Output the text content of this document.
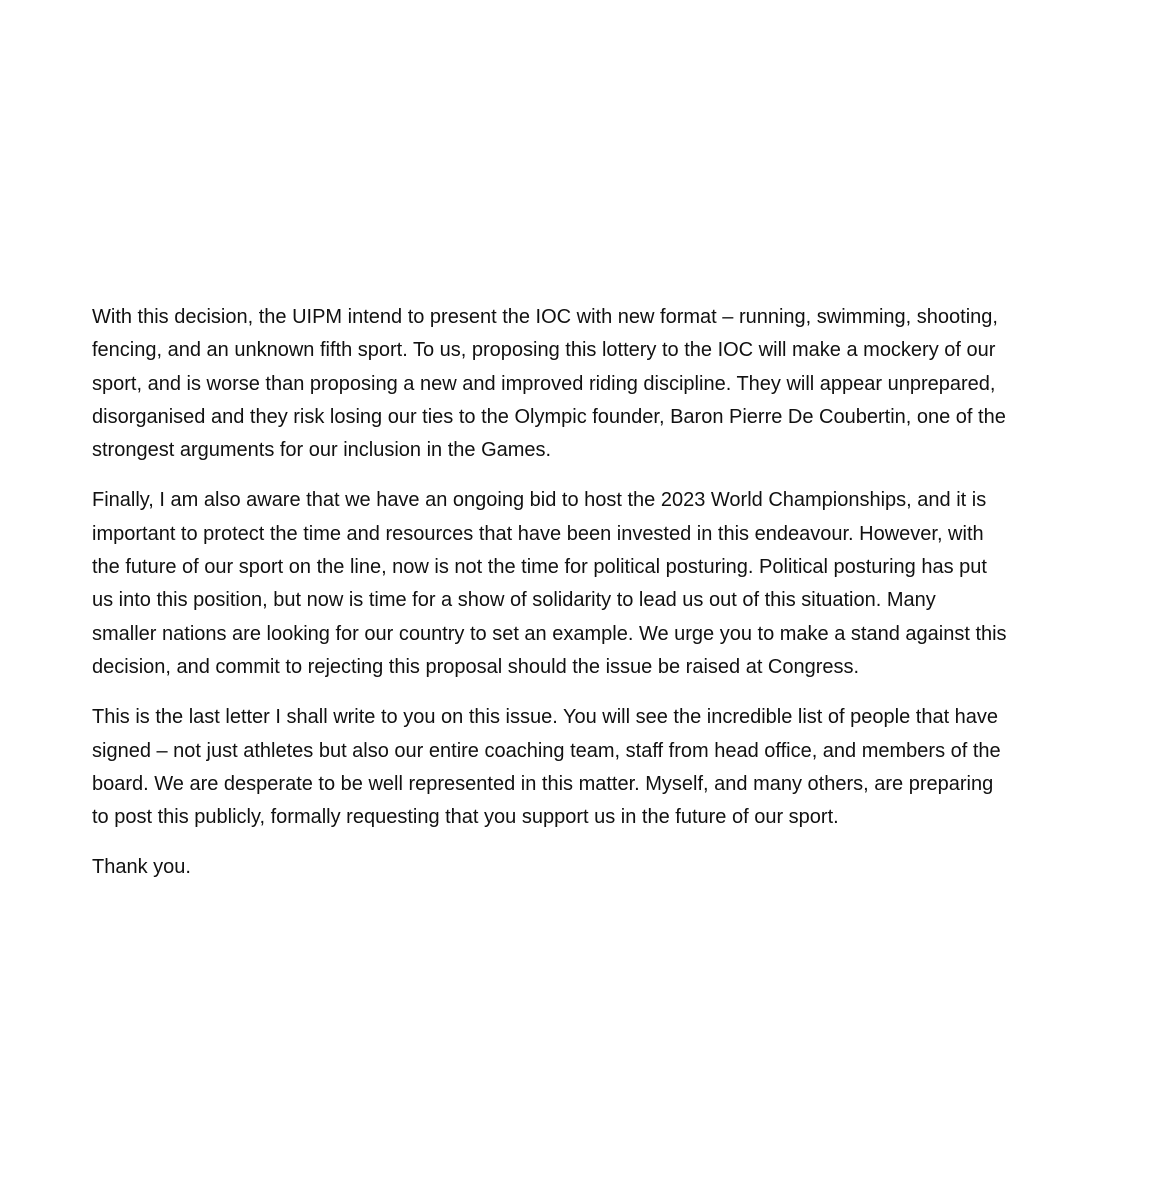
With this decision, the UIPM intend to present the IOC with new format – running, swimming, shooting,
fencing, and an unknown fifth sport. To us, proposing this lottery to the IOC will make a mockery of our
sport, and is worse than proposing a new and improved riding discipline. They will appear unprepared,
disorganised and they risk losing our ties to the Olympic founder, Baron Pierre De Coubertin, one of the
strongest arguments for our inclusion in the Games.

Finally, I am also aware that we have an ongoing bid to host the 2023 World Championships, and it is
important to protect the time and resources that have been invested in this endeavour. However, with
the future of our sport on the line, now is not the time for political posturing. Political posturing has put
us into this position, but now is time for a show of solidarity to lead us out of this situation. Many
smaller nations are looking for our country to set an example. We urge you to make a stand against this
decision, and commit to rejecting this proposal should the issue be raised at Congress.

This is the last letter I shall write to you on this issue. You will see the incredible list of people that have
signed – not just athletes but also our entire coaching team, staff from head office, and members of the
board. We are desperate to be well represented in this matter. Myself, and many others, are preparing
to post this publicly, formally requesting that you support us in the future of our sport.

Thank you.
